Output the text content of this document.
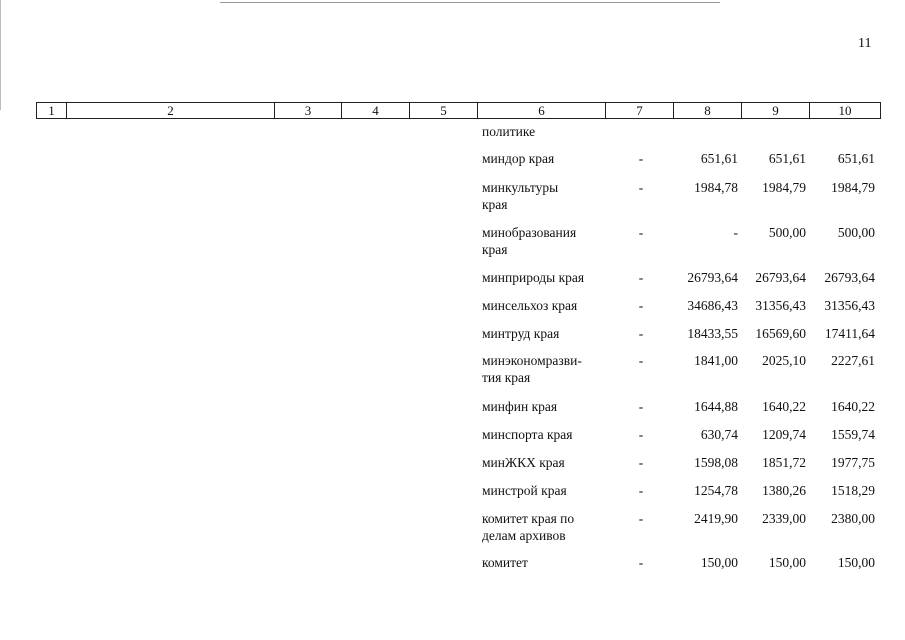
11
1	2	3	4	5	6	7	8	9	10
политике
миндор края	-	651,61	651,61	651,61
минкультуры
края
-	1984,78	1984,79	1984,79
минобразования
края
-	-	500,00	500,00
минприроды края	-	26793,64	26793,64	26793,64
минсельхоз края	-	34686,43	31356,43	31356,43
минтруд края	-	18433,55	16569,60	17411,64
минэкономразви-
тия края
-	1841,00	2025,10	2227,61
минфин края	-	1644,88	1640,22	1640,22
минспорта края	-	630,74	1209,74	1559,74
минЖКХ края	-	1598,08	1851,72	1977,75
минстрой края	-	1254,78	1380,26	1518,29
комитет края по
делам архивов
-	2419,90	2339,00	2380,00
комитет	-	150,00	150,00	150,00
